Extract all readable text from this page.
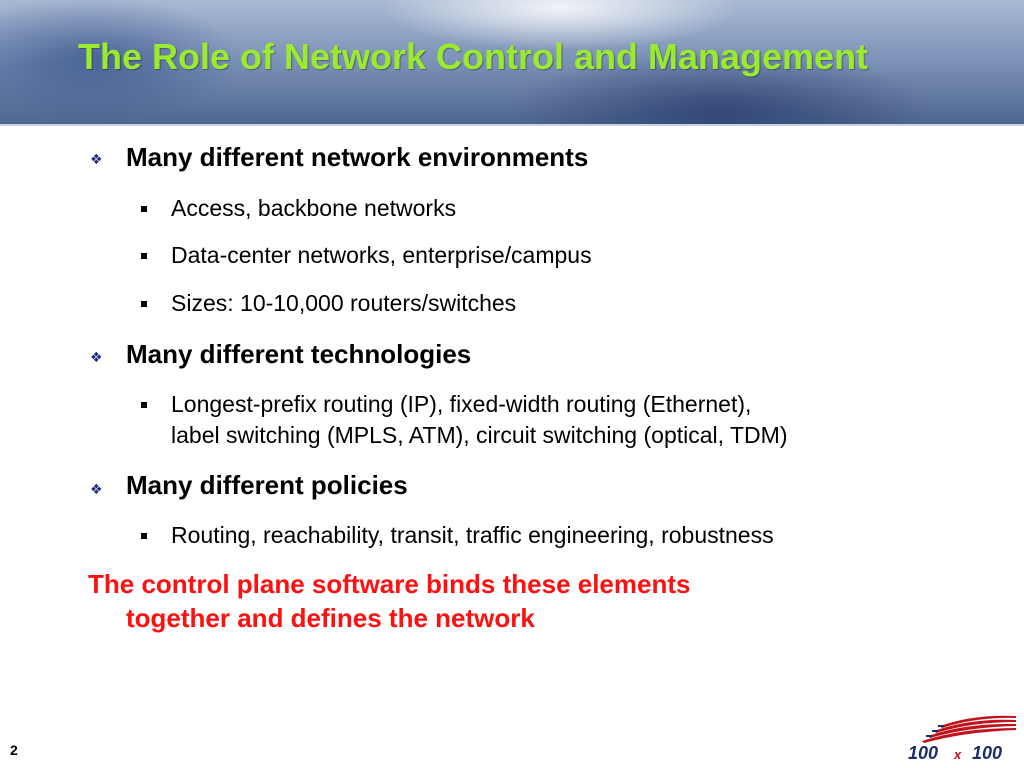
The Role of Network Control and Management
❖ Many different network environments
Access, backbone networks
Data-center networks, enterprise/campus
Sizes: 10-10,000 routers/switches
❖ Many different technologies
Longest-prefix routing (IP), fixed-width routing (Ethernet),
label switching (MPLS, ATM), circuit switching (optical, TDM)
❖ Many different policies
Routing, reachability, transit, traffic engineering, robustness
The control plane software binds these elements
together and defines the network
2	100 x 100
